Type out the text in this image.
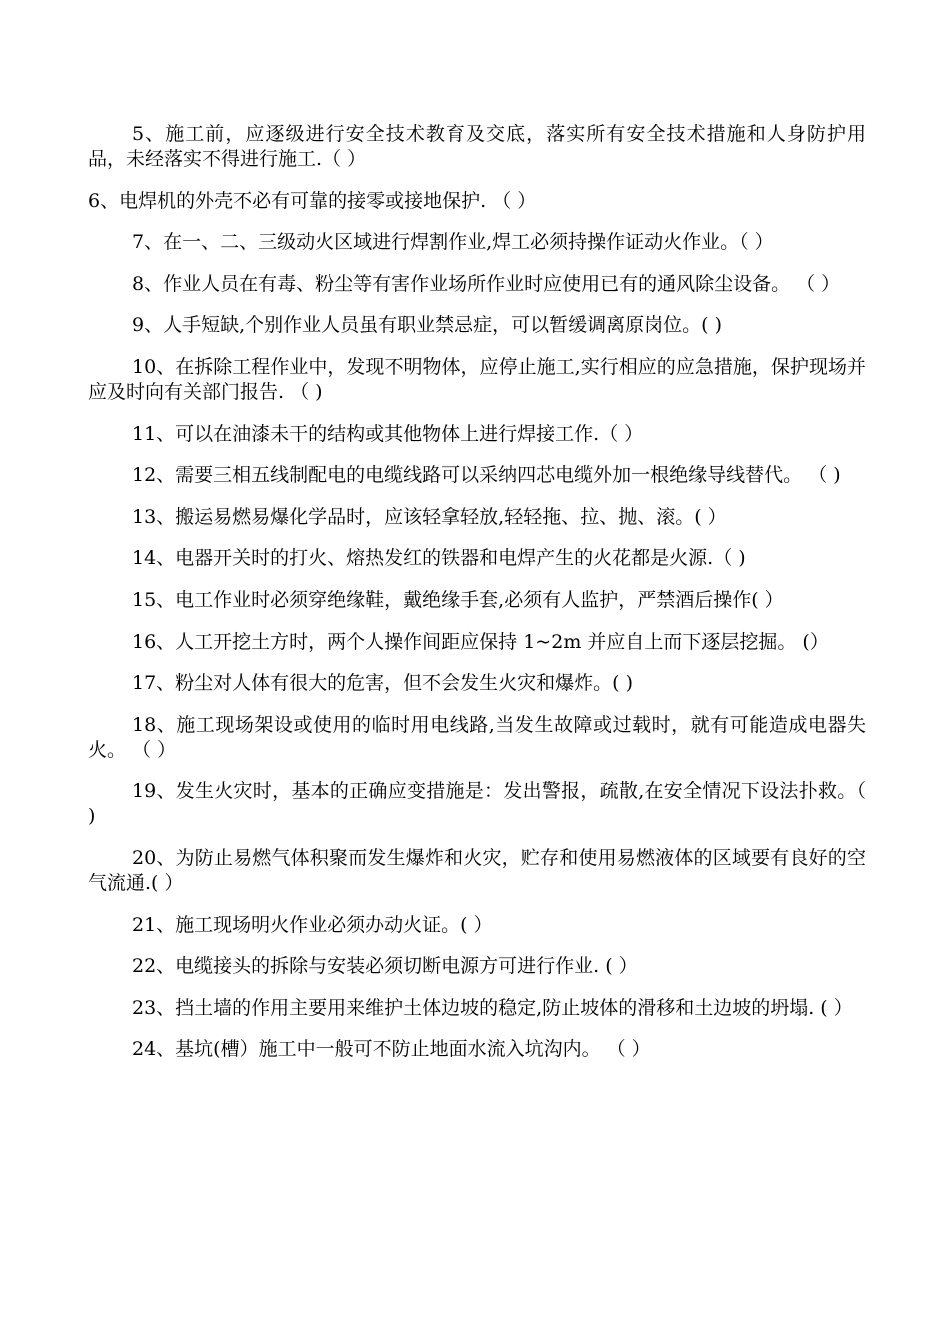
5、施工前，应逐级进行安全技术教育及交底，落实所有安全技术措施和人身防护用品，未经落实不得进行施工.（ ）

6、电焊机的外壳不必有可靠的接零或接地保护. （ ）

7、在一、二、三级动火区域进行焊割作业,焊工必须持操作证动火作业。（ ）

8、作业人员在有毒、粉尘等有害作业场所作业时应使用已有的通风除尘设备。 （ ）

9、人手短缺,个别作业人员虽有职业禁忌症，可以暂缓调离原岗位。( )

10、在拆除工程作业中，发现不明物体，应停止施工,实行相应的应急措施，保护现场并应及时向有关部门报告. （ )

11、可以在油漆未干的结构或其他物体上进行焊接工作.（ ）

12、需要三相五线制配电的电缆线路可以采纳四芯电缆外加一根绝缘导线替代。 （ )

13、搬运易燃易爆化学品时，应该轻拿轻放,轻轻拖、拉、抛、滚。( ）

14、电器开关时的打火、熔热发红的铁器和电焊产生的火花都是火源.（ )

15、电工作业时必须穿绝缘鞋，戴绝缘手套,必须有人监护，严禁酒后操作( ）

16、人工开挖土方时，两个人操作间距应保持 1~2m 并应自上而下逐层挖掘。 (）

17、粉尘对人体有很大的危害，但不会发生火灾和爆炸。( )

18、施工现场架设或使用的临时用电线路,当发生故障或过载时，就有可能造成电器失火。 （ ）

19、发生火灾时，基本的正确应变措施是：发出警报，疏散,在安全情况下设法扑救。（ )

20、为防止易燃气体积聚而发生爆炸和火灾，贮存和使用易燃液体的区域要有良好的空气流通.( ）

21、施工现场明火作业必须办动火证。( ）

22、电缆接头的拆除与安装必须切断电源方可进行作业. ( ）

23、挡土墙的作用主要用来维护土体边坡的稳定,防止坡体的滑移和土边坡的坍塌. ( ）

24、基坑(槽）施工中一般可不防止地面水流入坑沟内。 （ ）
